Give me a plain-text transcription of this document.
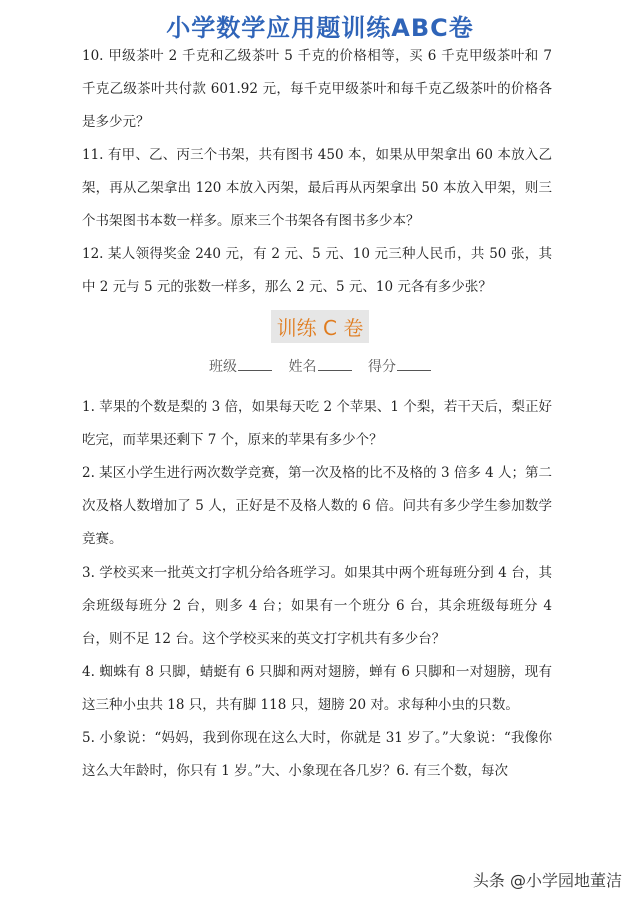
小学数学应用题训练ABC卷

10. 甲级茶叶 2 千克和乙级茶叶 5 千克的价格相等，买 6 千克甲级茶叶和 7 千克乙级茶叶共付款 601.92 元，每千克甲级茶叶和每千克乙级茶叶的价格各是多少元？

11. 有甲、乙、丙三个书架，共有图书 450 本，如果从甲架拿出 60 本放入乙架，再从乙架拿出 120 本放入丙架，最后再从丙架拿出 50 本放入甲架，则三个书架图书本数一样多。原来三个书架各有图书多少本？

12. 某人领得奖金 240 元，有 2 元、5 元、10 元三种人民币，共 50 张，其中 2 元与 5 元的张数一样多，那么 2 元、5 元、10 元各有多少张？

训练 C 卷
班级	姓名	得分

1. 苹果的个数是梨的 3 倍，如果每天吃 2 个苹果、1 个梨，若干天后，梨正好吃完，而苹果还剩下 7 个，原来的苹果有多少个？

2. 某区小学生进行两次数学竞赛，第一次及格的比不及格的 3 倍多 4 人；第二次及格人数增加了 5 人，正好是不及格人数的 6 倍。问共有多少学生参加数学竞赛。

3. 学校买来一批英文打字机分给各班学习。如果其中两个班每班分到 4 台，其余班级每班分 2 台，则多 4 台；如果有一个班分 6 台，其余班级每班分 4 台，则不足 12 台。这个学校买来的英文打字机共有多少台？

4. 蜘蛛有 8 只脚，蜻蜓有 6 只脚和两对翅膀，蝉有 6 只脚和一对翅膀，现有这三种小虫共 18 只，共有脚 118 只，翅膀 20 对。求每种小虫的只数。

5. 小象说：“妈妈，我到你现在这么大时，你就是 31 岁了。”大象说：“我像你这么大年龄时，你只有 1 岁。”大、小象现在各几岁？6. 有三个数，每次

头条 @小学园地董洁
